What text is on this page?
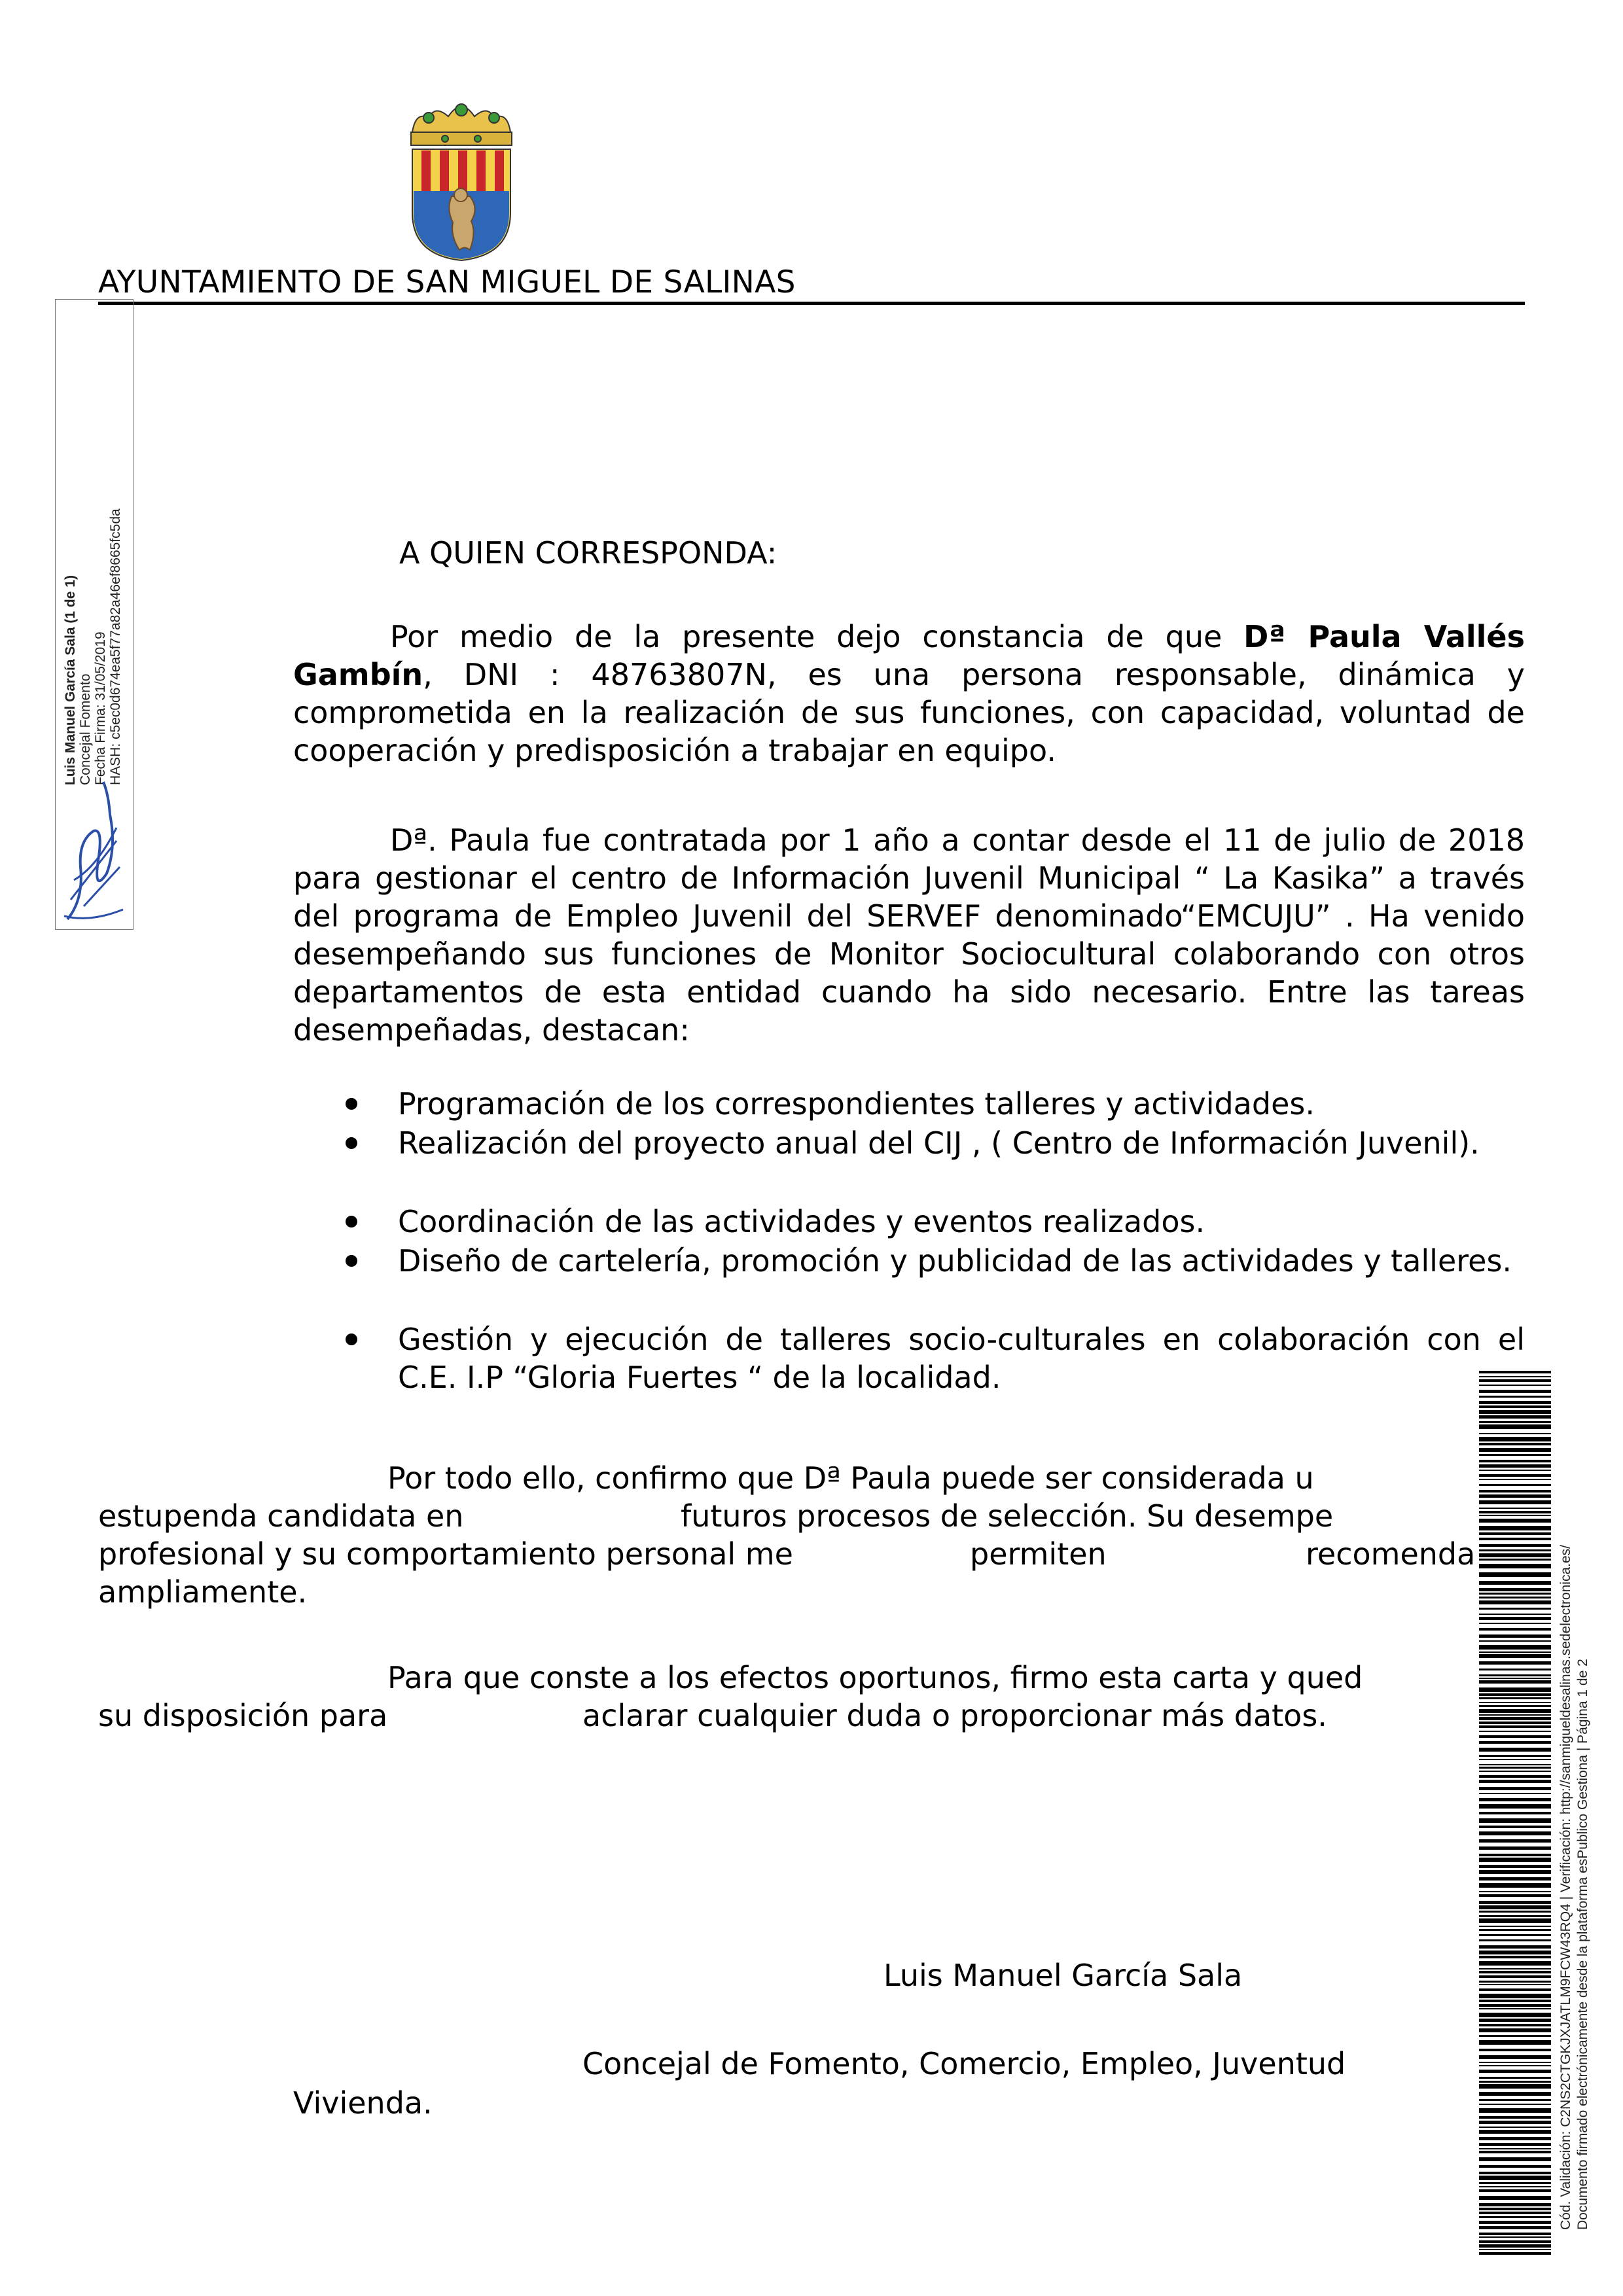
AYUNTAMIENTO DE SAN MIGUEL DE SALINAS
Luis Manuel García Sala (1 de 1) Concejal Fomento Fecha Firma: 31/05/2019 HASH: c5ec0d674ea5f77a82a46ef8665fc5da	A QUIEN CORRESPONDA:
Por medio de la presente dejo constancia de que Dª Paula Vallés Gambín, DNI : 48763807N, es una persona responsable, dinámica y comprometida en la realización de sus funciones, con capacidad, voluntad de cooperación y predisposición a trabajar en equipo.
Dª. Paula fue contratada por 1 año a contar desde el 11 de julio de 2018 para gestionar el centro de Información Juvenil Municipal “ La Kasika” a través del programa de Empleo Juvenil del SERVEF denominado“EMCUJU” . Ha venido desempeñando sus funciones de Monitor Sociocultural colaborando con otros departamentos de esta entidad cuando ha sido necesario. Entre las tareas desempeñadas, destacan:
Programación de los correspondientes talleres y actividades.
Realización del proyecto anual del CIJ , ( Centro de Información Juvenil).
Coordinación de las actividades y eventos realizados.
Diseño de cartelería, promoción y publicidad de las actividades y talleres.
Gestión y ejecución de talleres socio-culturales en colaboración con el C.E. I.P “Gloria Fuertes “ de la localidad.
Por todo ello, confirmo que Dª Paula puede ser considerada u
estupenda candidata en	futuros procesos de selección. Su desempe
profesional y su comportamiento personal me	permiten	recomenda
ampliamente.
Para que conste a los efectos oportunos, firmo esta carta y qued
su disposición para	aclarar cualquier duda o proporcionar más datos.
Luis Manuel García Sala
Concejal de Fomento, Comercio, Empleo, Juventud
Vivienda.	Cód. Validación: C2NS2CTGKJXJATLM9FCW43RQ4 | Verificación: http://sanmigueldesalinas.sedelectronica.es/ Documento firmado electrónicamente desde la plataforma esPublico Gestiona | Página 1 de 2
